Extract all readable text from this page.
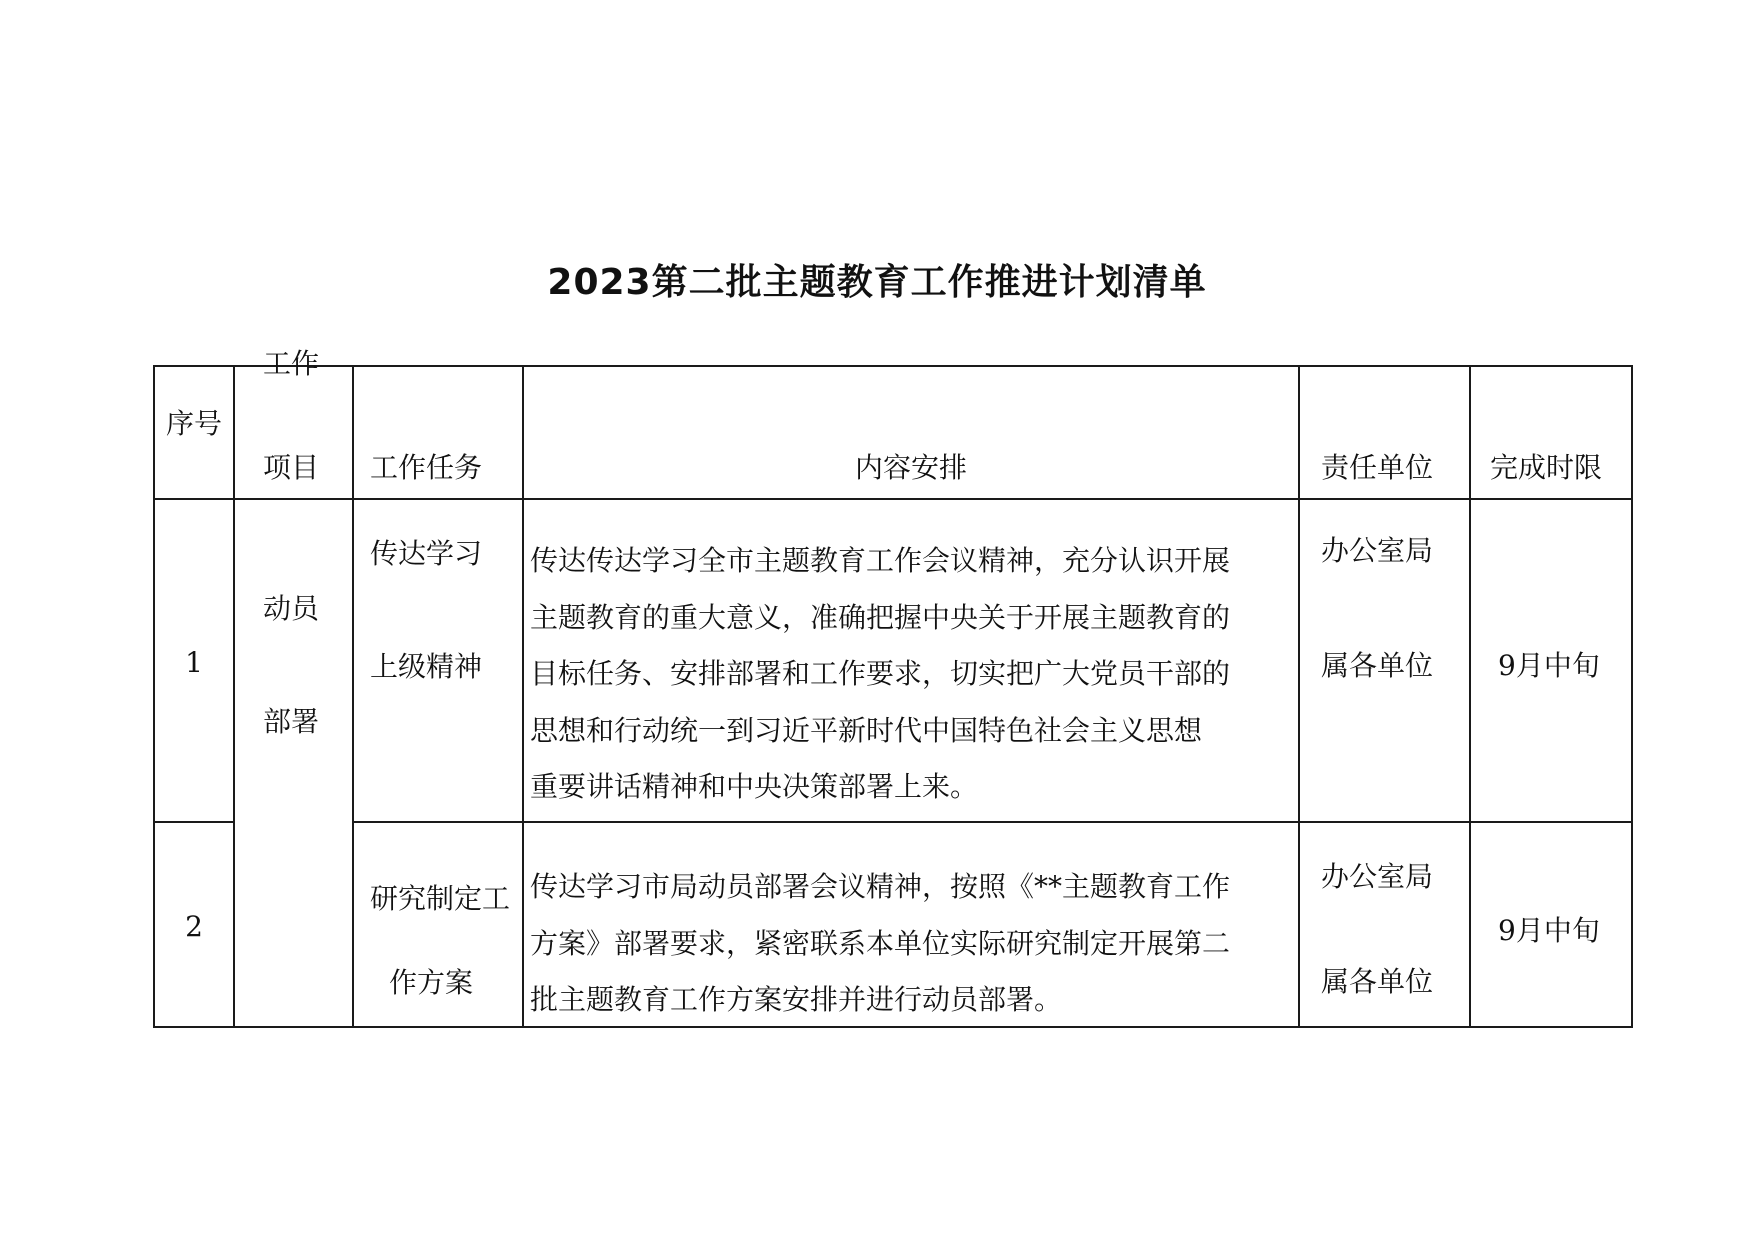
2023第二批主题教育工作推进计划清单
序号
工作
项目 工作任务	内容安排	责任单位 完成时限
动员
部署
1
传达学习
上级精神
传达传达学习全市主题教育工作会议精神，充分认识开展
主题教育的重大意义，准确把握中央关于开展主题教育的
目标任务、安排部署和工作要求，切实把广大党员干部的
思想和行动统一到习近平新时代中国特色社会主义思想
重要讲话精神和中央决策部署上来。
办公室局
属各单位 9月中旬
2
研究制定工
作方案
传达学习市局动员部署会议精神，按照《**主题教育工作
方案》部署要求，紧密联系本单位实际研究制定开展第二
批主题教育工作方案安排并进行动员部署。
办公室局
属各单位
9月中旬
